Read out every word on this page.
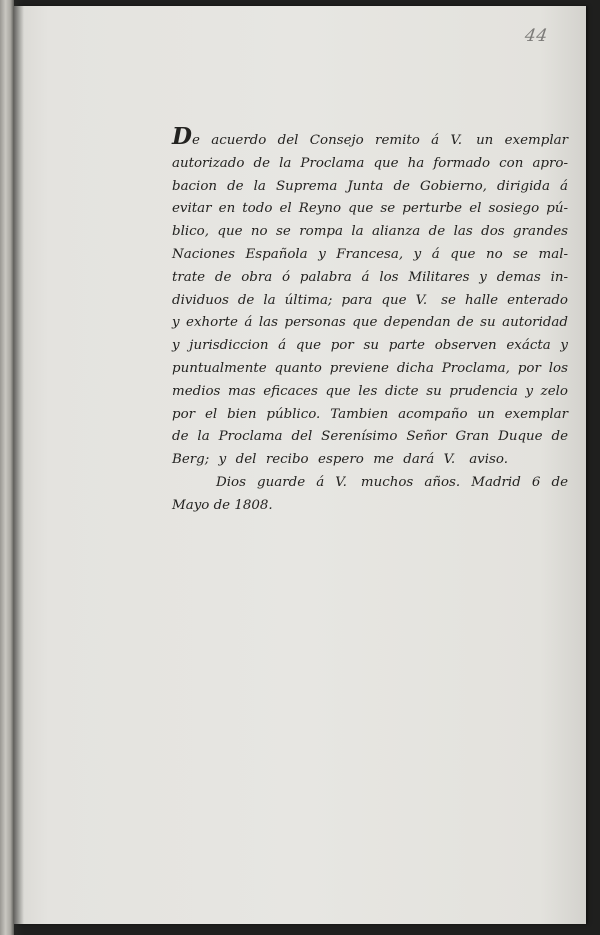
44
De acuerdo del Consejo remito á V. un exemplar
autorizado de la Proclama que ha formado con apro-
bacion de la Suprema Junta de Gobierno, dirigida á
evitar en todo el Reyno que se perturbe el sosiego pú-
blico, que no se rompa la alianza de las dos grandes
Naciones Española y Francesa, y á que no se mal-
trate de obra ó palabra á los Militares y demas in-
dividuos de la última; para que V. se halle enterado
y exhorte á las personas que dependan de su autoridad
y jurisdiccion á que por su parte observen exácta y
puntualmente quanto previene dicha Proclama, por los
medios mas eficaces que les dicte su prudencia y zelo
por el bien público. Tambien acompaño un exemplar
de la Proclama del Serenísimo Señor Gran Duque de
Berg; y del recibo espero me dará V. aviso.
Dios guarde á V. muchos años. Madrid 6 de
Mayo de 1808.
